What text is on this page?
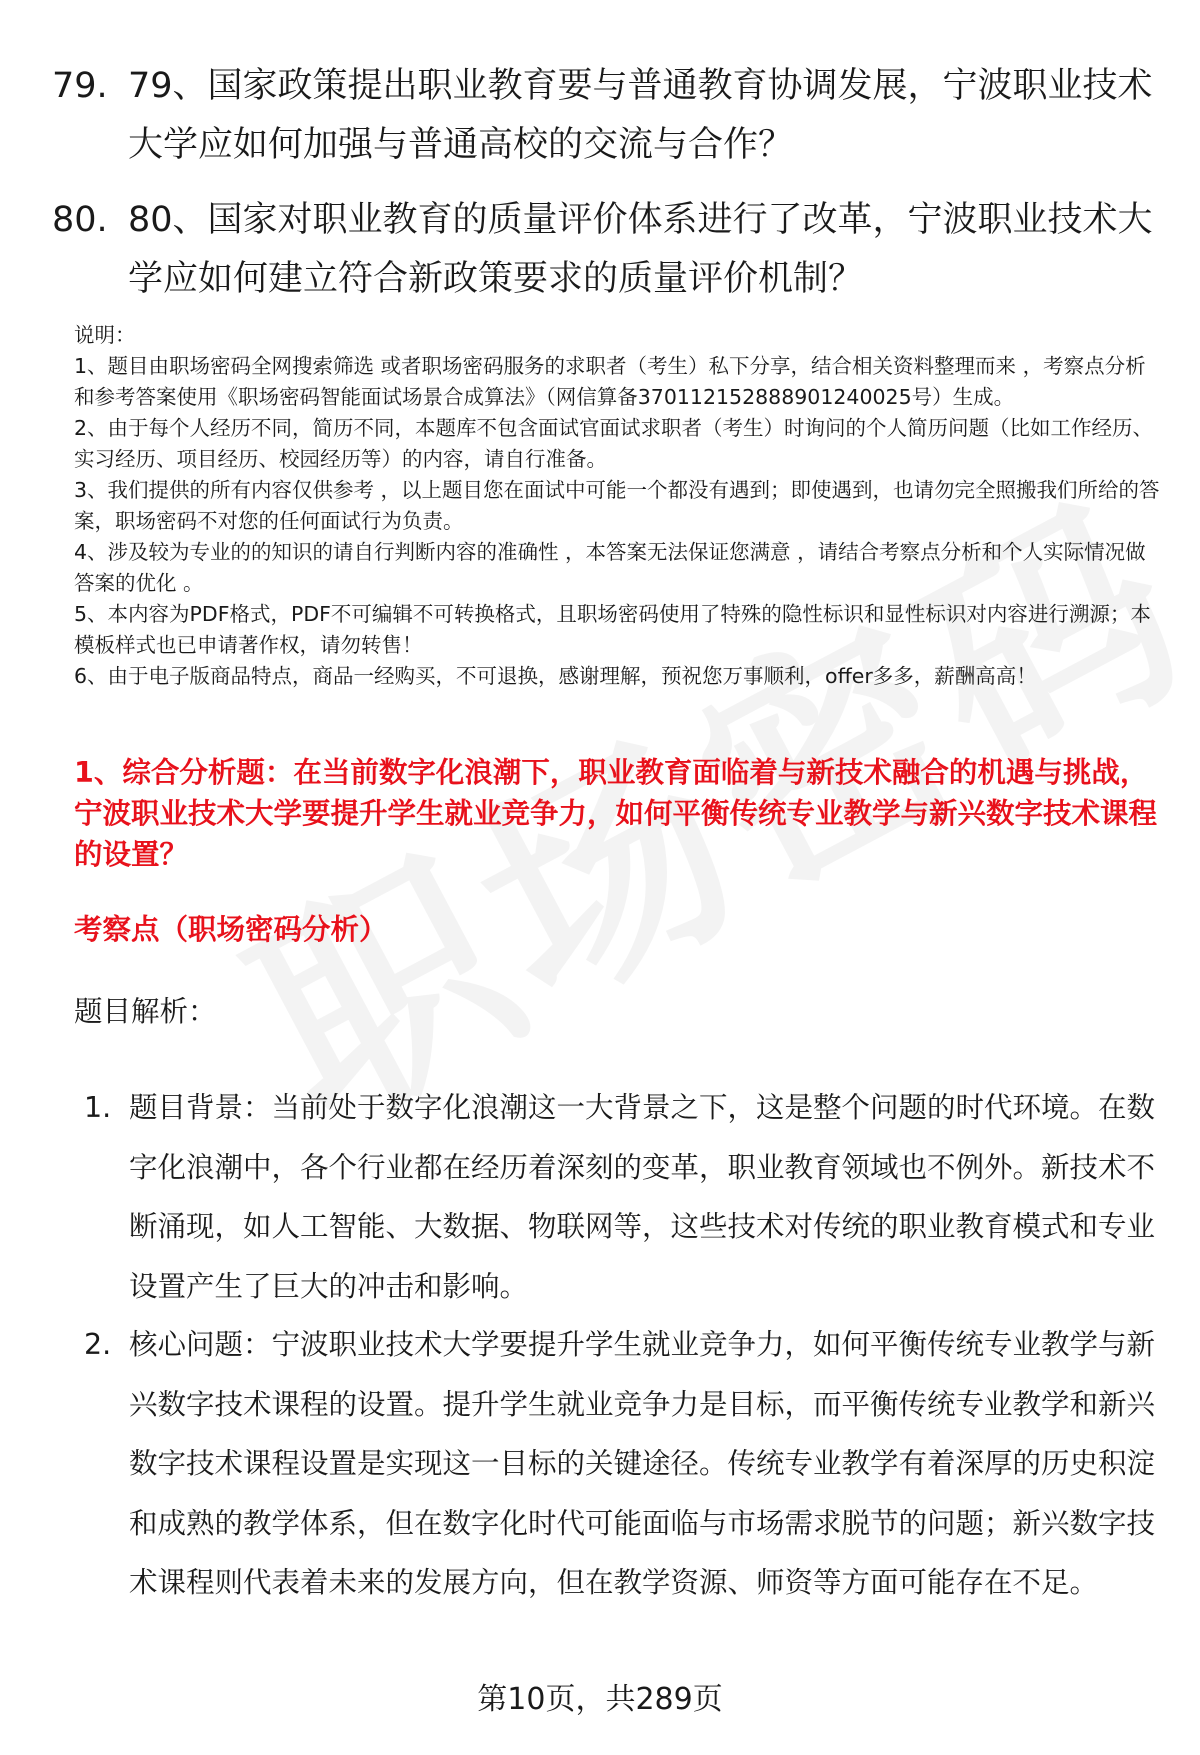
79. 79、国家政策提出职业教育要与普通教育协调发展，宁波职业技术大学应如何加强与普通高校的交流与合作？
80. 80、国家对职业教育的质量评价体系进行了改革，宁波职业技术大学应如何建立符合新政策要求的质量评价机制？

说明：

1、题目由职场密码全网搜索筛选 或者职场密码服务的求职者（考生）私下分享，结合相关资料整理而来 ，考察点分析和参考答案使用《职场密码智能面试场景合成算法》（网信算备370112152888901240025号）生成。

2、由于每个人经历不同，简历不同，本题库不包含面试官面试求职者（考生）时询问的个人简历问题（比如工作经历、实习经历、项目经历、校园经历等）的内容，请自行准备。

3、我们提供的所有内容仅供参考 ，以上题目您在面试中可能一个都没有遇到；即使遇到，也请勿完全照搬我们所给的答案，职场密码不对您的任何面试行为负责。

4、涉及较为专业的的知识的请自行判断内容的准确性 ，本答案无法保证您满意 ，请结合考察点分析和个人实际情况做答案的优化 。

5、本内容为PDF格式，PDF不可编辑不可转换格式，且职场密码使用了特殊的隐性标识和显性标识对内容进行溯源；本模板样式也已申请著作权，请勿转售！

6、由于电子版商品特点，商品一经购买，不可退换，感谢理解，预祝您万事顺利，offer多多，薪酬高高！

1、综合分析题：在当前数字化浪潮下，职业教育面临着与新技术融合的机遇与挑战，宁波职业技术大学要提升学生就业竞争力，如何平衡传统专业教学与新兴数字技术课程的设置？
考察点（职场密码分析）
题目解析：
1. 题目背景：当前处于数字化浪潮这一大背景之下，这是整个问题的时代环境。在数字化浪潮中，各个行业都在经历着深刻的变革，职业教育领域也不例外。新技术不断涌现，如人工智能、大数据、物联网等，这些技术对传统的职业教育模式和专业设置产生了巨大的冲击和影响。
2. 核心问题：宁波职业技术大学要提升学生就业竞争力，如何平衡传统专业教学与新兴数字技术课程的设置。提升学生就业竞争力是目标，而平衡传统专业教学和新兴数字技术课程设置是实现这一目标的关键途径。传统专业教学有着深厚的历史积淀和成熟的教学体系，但在数字化时代可能面临与市场需求脱节的问题；新兴数字技术课程则代表着未来的发展方向，但在教学资源、师资等方面可能存在不足。
第10页，共289页
